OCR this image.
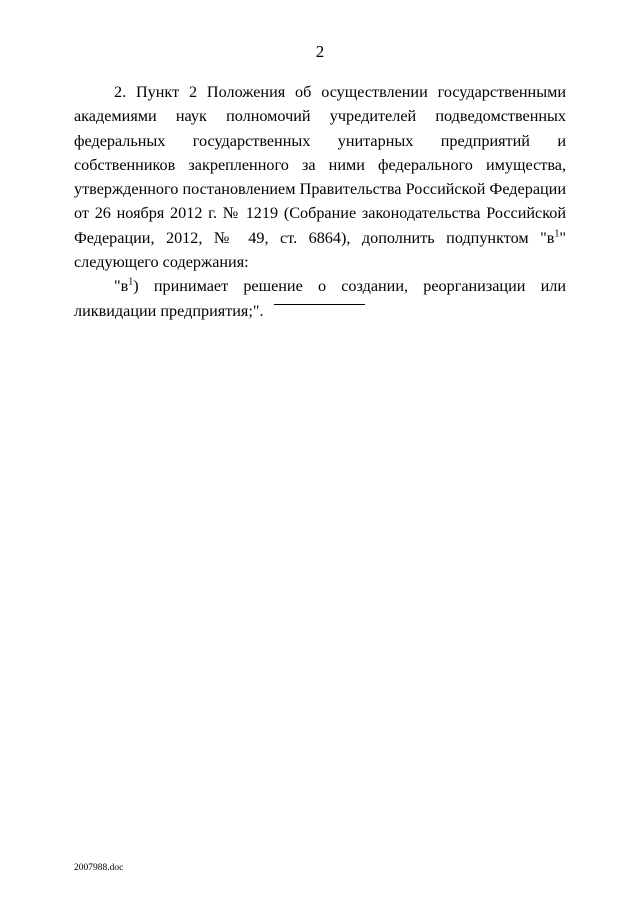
2

2. Пункт 2 Положения об осуществлении государственными академиями наук полномочий учредителей подведомственных федеральных государственных унитарных предприятий и собственников закрепленного за ними федерального имущества, утвержденного постановлением Правительства Российской Федерации от 26 ноября 2012 г. № 1219 (Собрание законодательства Российской Федерации, 2012, № 49, ст. 6864), дополнить подпунктом "$в^1$" следующего содержания:

"$в^1$) принимает решение о создании, реорганизации или ликвидации предприятия;".

2007988.doc
